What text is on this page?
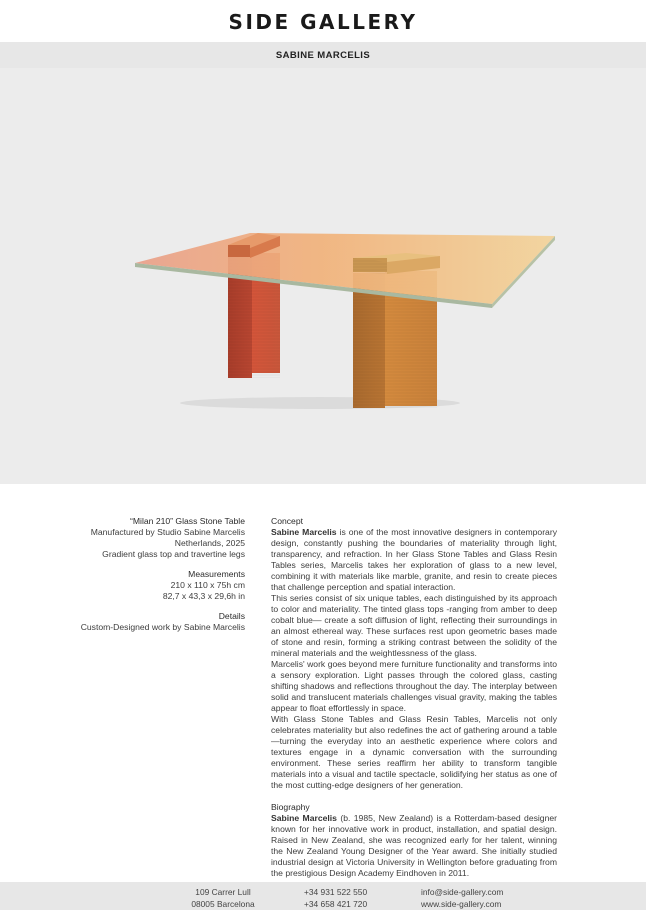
SIDE GALLERY
SABINE MARCELIS
“Milan 210” Glass Stone Table
Manufactured by Studio Sabine Marcelis
Netherlands, 2025
Gradient glass top and travertine legs
Measurements
210 x 110 x 75h cm
82,7 x 43,3 x 29,6h in
Details
Custom-Designed work by Sabine Marcelis
Concept

Sabine Marcelis is one of the most innovative designers in contemporary design, constantly pushing the boundaries of materiality through light, transparency, and refraction. In her Glass Stone Tables and Glass Resin Tables series, Marcelis takes her exploration of glass to a new level, combining it with materials like marble, granite, and resin to create pieces that challenge perception and spatial interaction.

This series consist of six unique tables, each distinguished by its approach to color and materiality. The tinted glass tops -ranging from amber to deep cobalt blue— create a soft diffusion of light, reflecting their surroundings in an almost ethereal way. These surfaces rest upon geometric bases made of stone and resin, forming a striking contrast between the solidity of the mineral materials and the weightlessness of the glass.

Marcelis' work goes beyond mere furniture functionality and transforms into a sensory exploration. Light passes through the colored glass, casting shifting shadows and reflections throughout the day. The interplay between solid and translucent materials challenges visual gravity, making the tables appear to float effortlessly in space.

With Glass Stone Tables and Glass Resin Tables, Marcelis not only celebrates materiality but also redefines the act of gathering around a table—turning the everyday into an aesthetic experience where colors and textures engage in a dynamic conversation with the surrounding environment. These series reaffirm her ability to transform tangible materials into a visual and tactile spectacle, solidifying her status as one of the most cutting-edge designers of her generation.

Biography

Sabine Marcelis (b. 1985, New Zealand) is a Rotterdam-based designer known for her innovative work in product, installation, and spatial design. Raised in New Zealand, she was recognized early for her talent, winning the New Zealand Young Designer of the Year award. She initially studied industrial design at Victoria University in Wellington before graduating from the prestigious Design Academy Eindhoven in 2011.

109 Carrer Lull
08005 Barcelona
+34 931 522 550
+34 658 421 720
info@side-gallery.com
www.side-gallery.com
